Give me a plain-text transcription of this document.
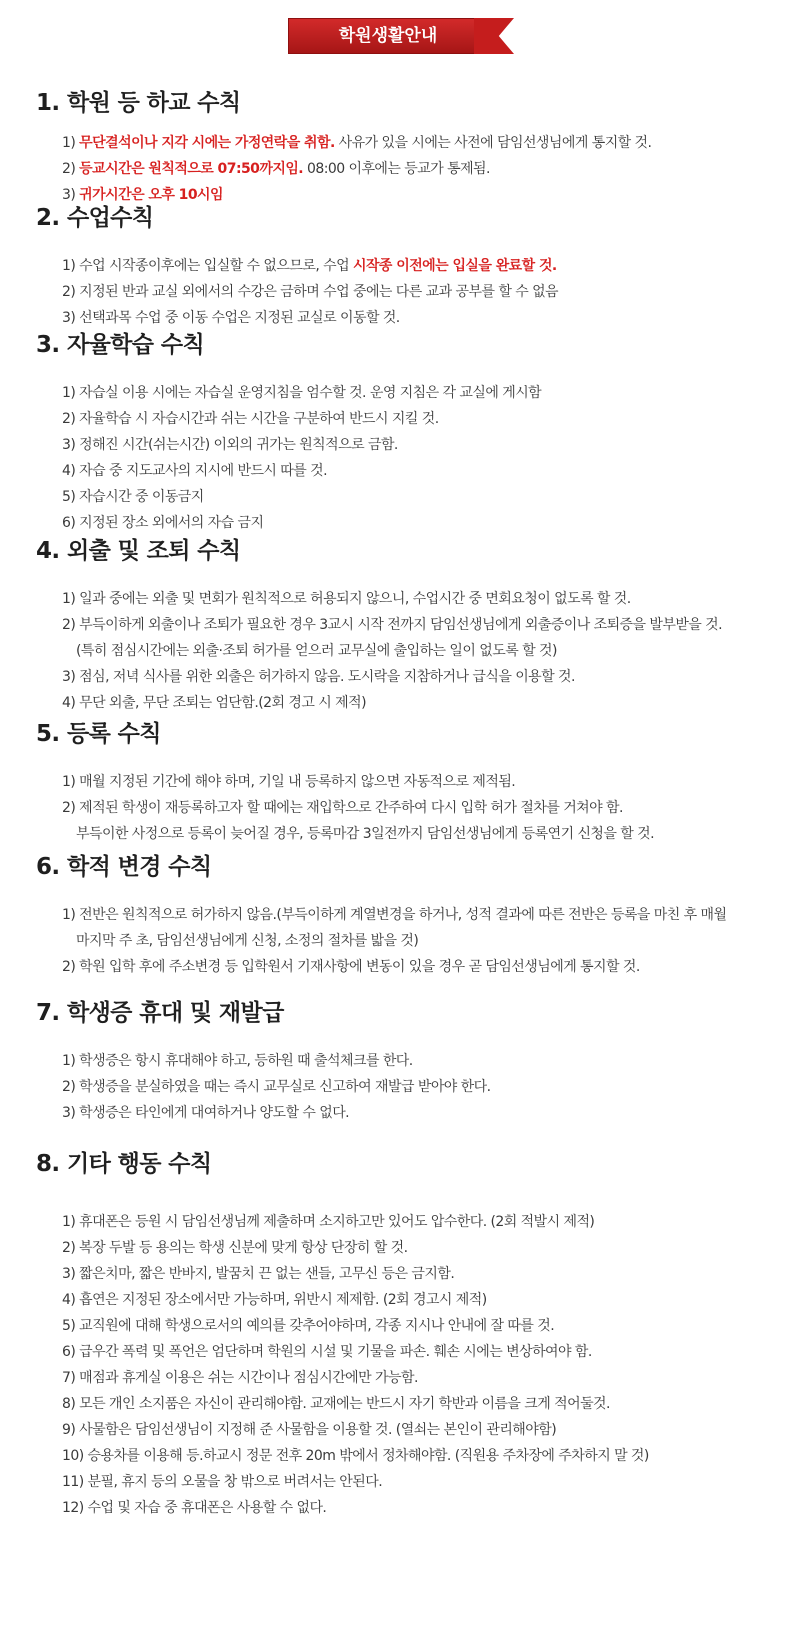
학원생활안내
1. 학원 등 하교 수칙
1) 무단결석이나 지각 시에는 가정연락을 취함. 사유가 있을 시에는 사전에 담임선생님에게 통지할 것.
2) 등교시간은 원칙적으로 07:50까지임. 08:00 이후에는 등교가 통제됨.
3) 귀가시간은 오후 10시임
2. 수업수칙
1) 수업 시작종이후에는 입실할 수 없으므로, 수업 시작종 이전에는 입실을 완료할 것.
2) 지정된 반과 교실 외에서의 수강은 금하며 수업 중에는 다른 교과 공부를 할 수 없음
3) 선택과목 수업 중 이동 수업은 지정된 교실로 이동할 것.
3. 자율학습 수칙
1) 자습실 이용 시에는 자습실 운영지침을 엄수할 것. 운영 지침은 각 교실에 게시함
2) 자율학습 시 자습시간과 쉬는 시간을 구분하여 반드시 지킬 것.
3) 정해진 시간(쉬는시간) 이외의 귀가는 원칙적으로 금함.
4) 자습 중 지도교사의 지시에 반드시 따를 것.
5) 자습시간 중 이동금지
6) 지정된 장소 외에서의 자습 금지
4. 외출 및 조퇴 수칙
1) 일과 중에는 외출 및 면회가 원칙적으로 허용되지 않으니, 수업시간 중 면회요청이 없도록 할 것.
2) 부득이하게 외출이나 조퇴가 필요한 경우 3교시 시작 전까지 담임선생님에게 외출증이나 조퇴증을 발부받을 것.
(특히 점심시간에는 외출·조퇴 허가를 얻으러 교무실에 출입하는 일이 없도록 할 것)
3) 점심, 저녁 식사를 위한 외출은 허가하지 않음. 도시락을 지참하거나 급식을 이용할 것.
4) 무단 외출, 무단 조퇴는 엄단함.(2회 경고 시 제적)
5. 등록 수칙
1) 매월 지정된 기간에 해야 하며, 기일 내 등록하지 않으면 자동적으로 제적됨.
2) 제적된 학생이 재등록하고자 할 때에는 재입학으로 간주하여 다시 입학 허가 절차를 거쳐야 함.
부득이한 사정으로 등록이 늦어질 경우, 등록마감 3일전까지 담임선생님에게 등록연기 신청을 할 것.
6. 학적 변경 수칙
1) 전반은 원칙적으로 허가하지 않음.(부득이하게 계열변경을 하거나, 성적 결과에 따른 전반은 등록을 마친 후 매월
마지막 주 초, 담임선생님에게 신청, 소정의 절차를 밟을 것)
2) 학원 입학 후에 주소변경 등 입학원서 기재사항에 변동이 있을 경우 곧 담임선생님에게 통지할 것.
7. 학생증 휴대 및 재발급
1) 학생증은 항시 휴대해야 하고, 등하원 때 출석체크를 한다.
2) 학생증을 분실하였을 때는 즉시 교무실로 신고하여 재발급 받아야 한다.
3) 학생증은 타인에게 대여하거나 양도할 수 없다.
8. 기타 행동 수칙
1) 휴대폰은 등원 시 담임선생님께 제출하며 소지하고만 있어도 압수한다. (2회 적발시 제적)
2) 복장 두발 등 용의는 학생 신분에 맞게 항상 단장히 할 것.
3) 짧은치마, 짧은 반바지, 발꿈치 끈 없는 샌들, 고무신 등은 금지함.
4) 흡연은 지정된 장소에서만 가능하며, 위반시 제제함. (2회 경고시 제적)
5) 교직원에 대해 학생으로서의 예의를 갖추어야하며, 각종 지시나 안내에 잘 따를 것.
6) 급우간 폭력 및 폭언은 엄단하며 학원의 시설 및 기물을 파손. 훼손 시에는 변상하여야 함.
7) 매점과 휴게실 이용은 쉬는 시간이나 점심시간에만 가능함.
8) 모든 개인 소지품은 자신이 관리해야함. 교재에는 반드시 자기 학반과 이름을 크게 적어둘것.
9) 사물함은 담임선생님이 지정해 준 사물함을 이용할 것. (열쇠는 본인이 관리해야함)
10) 승용차를 이용해 등.하교시 정문 전후 20m 밖에서 정차해야함. (직원용 주차장에 주차하지 말 것)
11) 분필, 휴지 등의 오물을 창 밖으로 버려서는 안된다.
12) 수업 및 자습 중 휴대폰은 사용할 수 없다.
